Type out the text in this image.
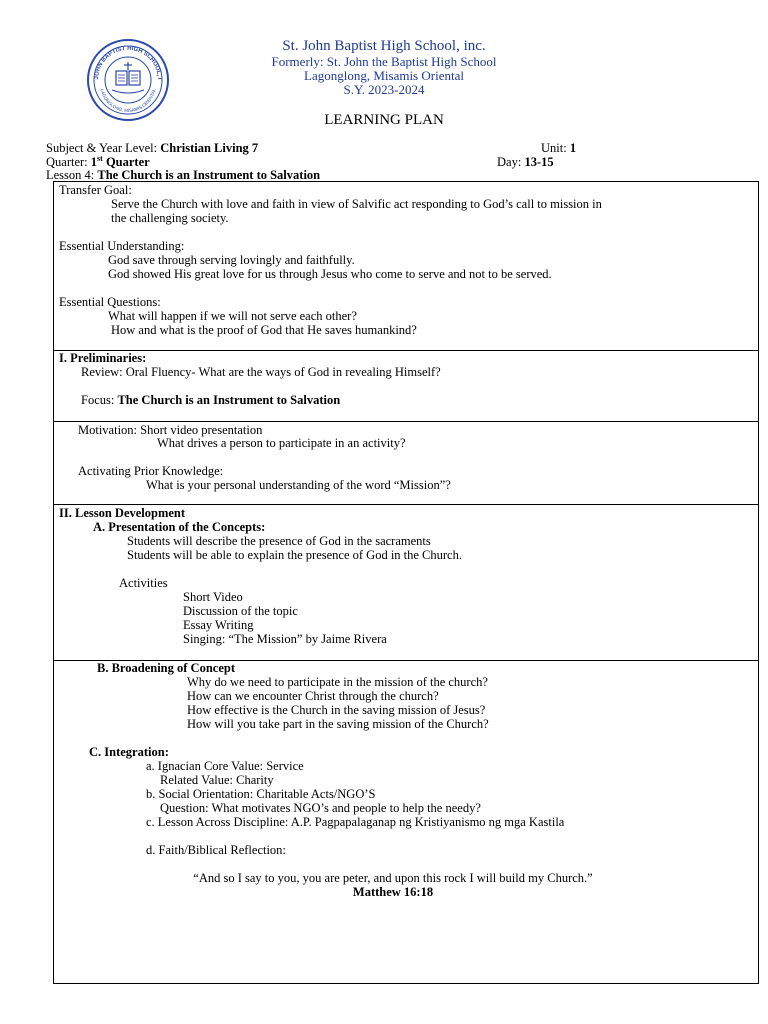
JOHN BAPTIST HIGH SCHOOL, I
LAGONGLONG, MISAMIS ORIENTAL
St. John Baptist High School, inc.
Formerly: St. John the Baptist High School
Lagonglong, Misamis Oriental
S.Y. 2023-2024
LEARNING PLAN
Subject & Year Level: Christian Living 7	Unit: 1
Quarter: 1st Quarter	Day: 13-15
Lesson 4: The Church is an Instrument to Salvation
Transfer Goal:
Serve the Church with love and faith in view of Salvific act responding to God’s call to mission in
the challenging society.
Essential Understanding:
God save through serving lovingly and faithfully.
God showed His great love for us through Jesus who come to serve and not to be served.
Essential Questions:
What will happen if we will not serve each other?
How and what is the proof of God that He saves humankind?
I. Preliminaries:
Review: Oral Fluency- What are the ways of God in revealing Himself?
Focus: The Church is an Instrument to Salvation
Motivation: Short video presentation
What drives a person to participate in an activity?
Activating Prior Knowledge:
What is your personal understanding of the word “Mission”?
II. Lesson Development
A. Presentation of the Concepts:
Students will describe the presence of God in the sacraments
Students will be able to explain the presence of God in the Church.
Activities
Short Video
Discussion of the topic
Essay Writing
Singing: “The Mission” by Jaime Rivera
B. Broadening of Concept
Why do we need to participate in the mission of the church?
How can we encounter Christ through the church?
How effective is the Church in the saving mission of Jesus?
How will you take part in the saving mission of the Church?
C. Integration:
a. Ignacian Core Value: Service
Related Value: Charity
b. Social Orientation: Charitable Acts/NGO’S
Question: What motivates NGO’s and people to help the needy?
c. Lesson Across Discipline: A.P. Pagpapalaganap ng Kristiyanismo ng mga Kastila
d. Faith/Biblical Reflection:
“And so I say to you, you are peter, and upon this rock I will build my Church.”
Matthew 16:18
